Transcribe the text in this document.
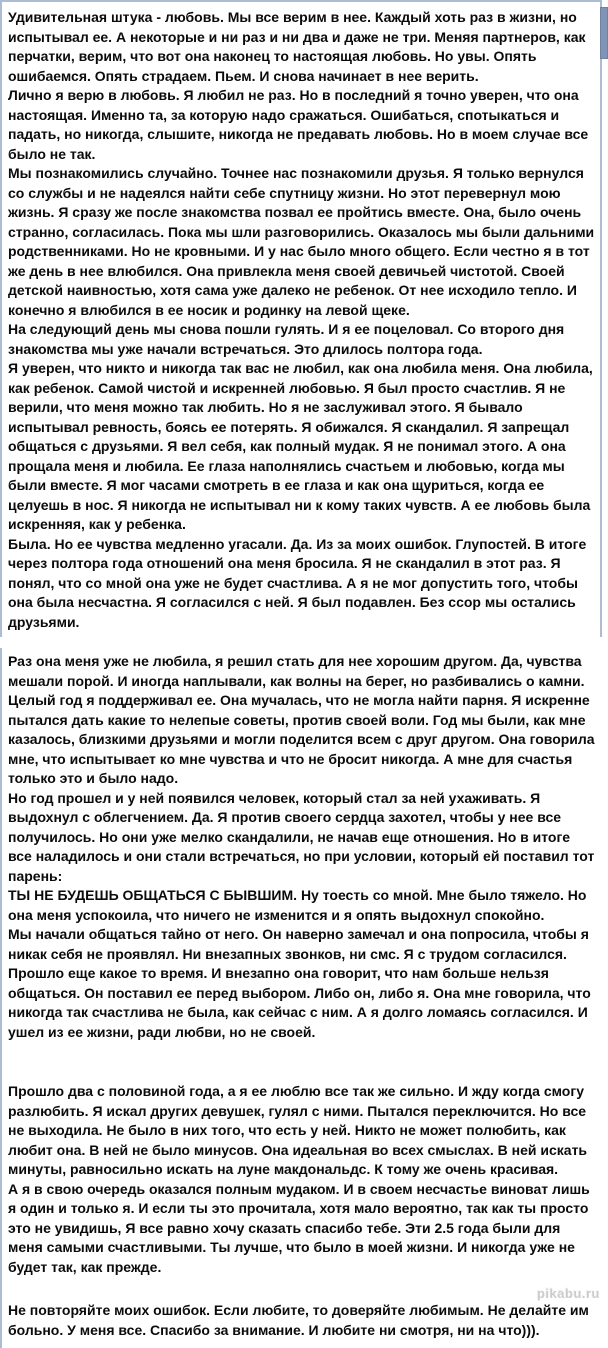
Удивительная штука - любовь. Мы все верим в нее. Каждый хоть раз в жизни, но испытывал ее. А некоторые и ни раз и ни два и даже не три. Меняя партнеров, как перчатки, верим, что вот она наконец то настоящая любовь. Но увы. Опять ошибаемся. Опять страдаем. Пьем. И снова начинает в нее верить.

Лично я верю в любовь. Я любил не раз. Но в последний я точно уверен, что она настоящая. Именно та, за которую надо сражаться. Ошибаться, спотыкаться и падать, но никогда, слышите, никогда не предавать любовь. Но в моем случае все было не так.

Мы познакомились случайно. Точнее нас познакомили друзья. Я только вернулся со службы и не надеялся найти себе спутницу жизни. Но этот перевернул мою жизнь. Я сразу же после знакомства позвал ее пройтись вместе. Она, было очень странно, согласилась. Пока мы шли разговорились. Оказалось мы были дальними родственниками. Но не кровными. И у нас было много общего. Если честно я в тот же день в нее влюбился. Она привлекла меня своей девичьей чистотой. Своей детской наивностью, хотя сама уже далеко не ребенок. От нее исходило тепло. И конечно я влюбился в ее носик и родинку на левой щеке.

На следующий день мы снова пошли гулять. И я ее поцеловал. Со второго дня знакомства мы уже начали встречаться. Это длилось полтора года.

Я уверен, что никто и никогда так вас не любил, как она любила меня. Она любила, как ребенок. Самой чистой и искренней любовью. Я был просто счастлив. Я не верили, что меня можно так любить. Но я не заслуживал этого. Я бывало испытывал ревность, боясь ее потерять. Я обижался. Я скандалил. Я запрещал общаться с друзьями. Я вел себя, как полный мудак. Я не понимал этого. А она прощала меня и любила. Ее глаза наполнялись счастьем и любовью, когда мы были вместе. Я мог часами смотреть в ее глаза и как она щуриться, когда ее целуешь в нос. Я никогда не испытывал ни к кому таких чувств. А ее любовь была искренняя, как у ребенка.

Была. Но ее чувства медленно угасали. Да. Из за моих ошибок. Глупостей. В итоге через полтора года отношений она меня бросила. Я не скандалил в этот раз. Я понял, что со мной она уже не будет счастлива. А я не мог допустить того, чтобы она была несчастна. Я согласился с ней. Я был подавлен. Без ссор мы остались друзьями.

Раз она меня уже не любила, я решил стать для нее хорошим другом. Да, чувства мешали порой. И иногда наплывали, как волны на берег, но разбивались о камни. Целый год я поддерживал ее. Она мучалась, что не могла найти парня. Я искренне пытался дать какие то нелепые советы, против своей воли. Год мы были, как мне казалось, близкими друзьями и могли поделится всем с друг другом. Она говорила мне, что испытывает ко мне чувства и что не бросит никогда. А мне для счастья только это и было надо.

Но год прошел и у ней появился человек, который стал за ней ухаживать. Я выдохнул с облегчением. Да. Я против своего сердца захотел, чтобы у нее все получилось. Но они уже мелко скандалили, не начав еще отношения. Но в итоге все наладилось и они стали встречаться, но при условии, который ей поставил тот парень:

ТЫ НЕ БУДЕШЬ ОБЩАТЬСЯ С БЫВШИМ. Ну тоесть со мной. Мне было тяжело. Но она меня успокоила, что ничего не изменится и я опять выдохнул спокойно.

Мы начали общаться тайно от него. Он наверно замечал и она попросила, чтобы я никак себя не проявлял. Ни внезапных звонков, ни смс. Я с трудом согласился. Прошло еще какое то время. И внезапно она говорит, что нам больше нельзя общаться. Он поставил ее перед выбором. Либо он, либо я. Она мне говорила, что никогда так счастлива не была, как сейчас с ним. А я долго ломаясь согласился. И ушел из ее жизни, ради любви, но не своей.

Прошло два с половиной года, а я ее люблю все так же сильно. И жду когда смогу разлюбить. Я искал других девушек, гулял с ними. Пытался переключится. Но все не выходила. Не было в них того, что есть у ней. Никто не может полюбить, как любит она. В ней не было минусов. Она идеальная во всех смыслах. В ней искать минуты, равносильно искать на луне макдональдс. К тому же очень красивая.

А я в свою очередь оказался полным мудаком. И в своем несчастье виноват лишь я один и только я. И если ты это прочитала, хотя мало вероятно, так как ты просто это не увидишь, Я все равно хочу сказать спасибо тебе. Эти 2.5 года были для меня самыми счастливыми. Ты лучше, что было в моей жизни. И никогда уже не будет так, как прежде.

Не повторяйте моих ошибок. Если любите, то доверяйте любимым. Не делайте им больно. У меня все. Спасибо за внимание. И любите ни смотря, ни на что))).

pikabu.ru
